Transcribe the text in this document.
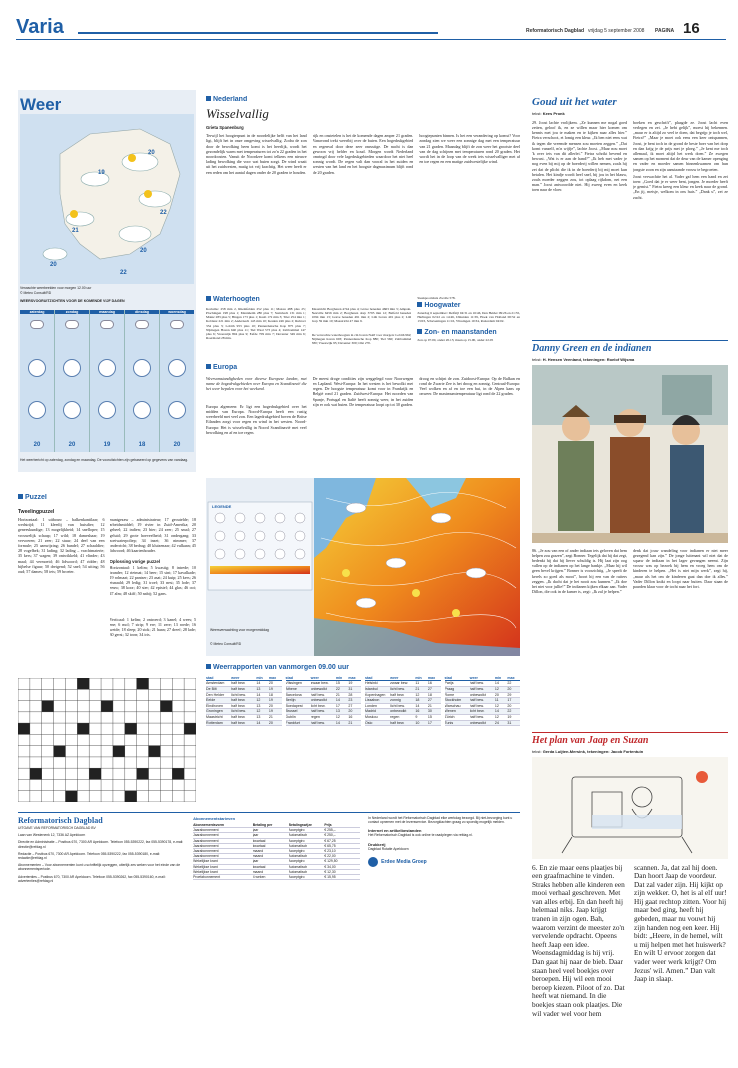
Varia	Reformatorisch Dagblad vrijdag 5 september 2008 PAGINA 16
Weer
20
19
22
21
20
20
22
Verwachte weerbeelden voor morgen 12.00 uur
© Meteo Consult/RD
WEERSVOORUITZICHTEN VOOR DE KOMENDE VIJF DAGEN
zaterdag
20
zondag
20
maandag
19
dinsdag
18
woensdag
20
Het weerbericht op zaterdag, zondag en maandag. De vooruitzichten zijn gebaseerd op gegevens van vandaag.
Nederland
Wisselvallig
Grieta Spanenburg
Terwijl het hoogterpunt in de noordelijke helft van het land ligt, blijft het in onze omgeving wisselvallig. Zodra de zon door de bewolking heen komt is het heerlijk, wordt het gezondelijk warm met temperaturen tot zo'n 22 graden in het noordoosten. Vanuit de Noordzee komt telkens een nieuwe lading bewolking die voor wat buien zorgt. De wind waait uit het zuidwesten, matig tot vrij krachtig. Het weer heeft er een reden om het aantal dagen onder de 20 graden te houden.
rijk en onstetelen is het de komende dagen amper 21 graden. Vanavond trekt weertbij over de buien. Een hogedrukgebied en regenval door deze zeer onrustige. De nacht is dan gewoon vrij helder en koud. Morgen wordt Nederland omringd door vele lagedrukgebieden waardoor het niet heel zonnig wordt. De regen valt dan vooral in het zuiden en westen van het land en het hoogste dagmaximum blijft rond de 20 graden.
hoogtepunten binnen. Is het een verandering op komst? Voor zondag zien we weer een zonnige dag met een temperatuur van 21 graden. Maandag blijft de zon weer het grootste deel van de dag schijnen met temperaturen rond 20 graden. Het wordt het in de loop van de week iets wisselvalliger met af en toe regen en een matige zuidwestelijke wind.
Waterhoogten
Koriums: 258 min 2, Rheinfelden 252 plus 11; Maxau 488 plus 25; Plochingen 198 plus 1; Mannheim 280 plus 7; Steinbach 131 min 1; Mainz 283 plus 5; Bingen 173 plus 1; Kaub 172 min 3; Trier 254 min 1; Koblenz 221 min 2; Andernach 143 min 10; Keulen 246 plus 2; Ruhrort 334 plus 3; Lobith 953 plus 10; Pannerdensche Kop 875 plus 7; Nijmegen Haven 640 plus 11; Tiel Waal 573 plus 4; Zaltbommel 147 plus 6; Vreeswijk 804 plus 9; Eefde 709 min 7; Deventer 349 min 6; Roermond 28 min.
Maastricht Borgharen 4744 plus 4; Grave beneden 4663 min 3; Ampsin-Neuville 6456 min 2; Borgharen dorp 3795 min 12; Belfeld beneden 1094 min 13; Grave beneden 491 min 2; Lith boven 401 plus 2; Lith dorp 59 min 10; Maastricht 47 min 9.
De verwachte waterhoogten in cm boven NAP voor morgen: Lobith 962; Nijmegen haven 603; Pannerdensche Kop 880; Tiel 560; Zaltbommel 380; Vreeswijk 95; Deventer 300; Olst 270.
Steekpoortsluis Zwolle 578.
Hoogwater
Zaterdag 6 september: Delfzijl 04:31 en 16:46, Den Helder 09:26 en 21:35, Harlingen 02:22 en 14:46, IJmuiden 11:39, Hoek van Holland 00:52 en 13:03, Scheveningen 11:16, Vlissingen 10:34, Rotterdam 04:02.
Zon- en maanstanden
Zon op 07.00, onder 20.15; maan op 15.00, onder 22.05
Europa
Weersomstandigheden voor diverse Europese landen, met name de hogedrukgebieden over Europa en Scandinavië die het weer bepalen voor het weekend.
Europa algemeen: Er ligt een hogedrukgebied over het midden van Europa. Noord-Europa heeft een rustig weerbeeld met veel zon. Een lagedrukgebied boven de Britse Eilanden zorgt voor regen en wind in het westen. Noord-Europa: Het is wisselvallig in Noord Scandinavië met veel bewolking en af en toe regen.
De meest droge condities zijn weggelegd voor Noorwegen en Lapland. West-Europa: In het westen is het bewolkt met regen. De hoogste temperatuur komt voor in Frankrijk en België rond 21 graden. Zuidwest-Europa: Het noorden van Spanje, Portugal en Italië heeft zonnig weer, in het zuiden zijn er ook wat buien. De temperatuur loopt op tot 30 graden.
droog en schijnt de zon. Zuidoost-Europa: Op de Balkan en rond de Zwarte Zee is het droog en zonnig. Centraal-Europa: Veel wolken en af en toe een bui, in de Alpen kans op onweer. De maximumtemperatuur ligt rond de 22 graden.
Puzzel
Tweelingpuzzel
Horizontaal: 1 uitbouw – balkenkantilaar; 6 wedstrijd; 11 kleedij van huisdier; 12 geneeskundige; 13 mogelijkheid; 14 snelloper; 15 vrouwelijk schaap; 17 wild; 18 dameshaar; 19 vervoeren; 21 zeer; 22 stuur; 24 deel van een formule; 25 aanwijzing; 26 bundel; 27 schaaldier; 28 vogelbek; 31 lading; 32 lading – vrachtmaterie; 35 kers; 37 wagen; 39 ontwikkeld; 41 vlinder; 43 maal; 44 vermoeid; 46 lidwoord; 47 ridder; 48 bijbelse figuur; 50 dreigend; 52 snel; 54 uiting; 56 oud; 57 dames; 58 iets; 59 broeier.
muntgezaw – administrateur; 17 geoutelde; 18 arbeidsmiddel; 19 rivier in Zuid-Amerika; 20 geheel; 22 indien; 23 bier; 24 zeer; 25 smal; 27 geluid; 29 grote hoeveelheid; 31 ondergang; 33 zoetwaterpoliep; 34 inzet; 36 nimmer; 37 onderricht; 38 bedrag; 40 kluizenaar; 42 vulkaan; 45 lidwoord; 46 kaartenhouder.
Oplossing vorige puzzel
Horizontaal: 1 kelim; 5 kwastig; 8 intrede; 10 brander; 12 rietmat; 14 beer; 15 sint; 17 kavalkade; 19 rolmaat; 22 pantser; 23 asat; 24 kuip; 25 kers; 26 etsnaald; 29 ledig; 31 troef; 33 nest; 35 lode; 37 eeuw; 38 koor; 40 ster; 42 epistel; 44 glas; 46 ooi; 47 alm; 48 skiff; 50 nabij; 52 gans.
Verticaal: 1 kelim; 2 ontroerd; 3 kanel; 4 wees; 5 ene; 6 mol; 7 strip; 9 ere; 11 zere; 13 roede; 16 weide; 18 sleep; 20 stok; 21 haan; 27 dreef; 28 lade; 30 gerst; 32 toon; 34 iris.
LEGENDE
Weersverwachting voor morgenmiddag
© Meteo Consult/RD
Weerrapporten van vanmorgen 09.00 uur
stad	weer	min	max
Amsterdam	half bew.	14	20
De Bilt	half bew.	13	19
Den Helder	licht bew.	14	18
Eelde	half bew.	12	19
Eindhoven	half bew.	13	20
Groningen	licht bew.	12	19
Maastricht	half bew.	13	21
Rotterdam	half bew.	14	20
stad	weer	min	max
Vlissingen	zwaar bew.	15	19
Athene	onbewolkt	22	31
Barcelona	half bew.	21	28
Berlijn	onbewolkt	14	23
Boedapest	licht bew.	17	27
Brussel	half bew.	13	20
Dublin	regen	12	16
Frankfurt	half bew.	14	21
stad	weer	min	max
Helsinki	zwaar bew.	11	16
Istanbul	licht bew.	21	27
Kopenhagen	half bew.	12	18
Lissabon	zonnig	18	27
Londen	licht bew.	14	21
Madrid	onbewolkt	16	30
Moskou	regen	9	15
Oslo	half bew.	10	17
stad	weer	min	max
Parijs	half bew.	14	22
Praag	half bew.	12	20
Rome	onbewolkt	20	29
Stockholm	half bew.	11	17
Warschau	half bew.	12	20
Wenen	licht bew.	14	22
Zürich	half bew.	12	19
Tunis	onbewolkt	24	31
Reformatorisch Dagblad
UITGAVE VAN REFORMATORISCH DAGBLAD BV
Laan van Westenenk 12, 7336 AZ Apeldoorn
Directie en Administratie – Postbus 670, 7300 AR Apeldoorn. Telefoon 055-5390222, fax 055-5390178, e-mail: directie@refdag.nl
Redactie – Postbus 670, 7300 AR Apeldoorn. Telefoon 055-5390222, fax 055-5390180, e-mail: redactie@refdag.nl
Abonnementen – Voor abonnementen kunt u schriftelijk opzeggen, uiterlijk zes weken voor het einde van de abonnementsperiode.
Advertenties – Postbus 670, 7300 AR Apeldoorn. Telefoon 055-5390262, fax 055-5390160, e-mail: advertenties@refdag.nl
Abonnementstarieven
Abonnementsvorm	Betaling per	Betalingswijze	Prijs
Jaarabonnement	jaar	Acceptgiro	€ 255,–
Jaarabonnement	jaar	Automatisch	€ 250,–
Jaarabonnement	kwartaal	Acceptgiro	€ 67,25
Jaarabonnement	kwartaal	Automatisch	€ 65,75
Jaarabonnement	maand	Acceptgiro	€ 23,10
Jaarabonnement	maand	Automatisch	€ 22,00
Wekelijkse krant	jaar	Acceptgiro	€ 129,50
Wekelijkse krant	kwartaal	Automatisch	€ 34,00
Wekelijkse krant	maand	Automatisch	€ 12,30
Proefabonnement	4 weken	Acceptgiro	€ 15,95
In Nederland wordt het Reformatorisch Dagblad elke werkdag bezorgd. Bij niet-bezorging kunt u contact opnemen met de lezersservice. Bezorgklachten graag zo spoedig mogelijk melden.
Internet en artikelbestanden
Het Reformatorisch Dagblad is ook online te raadplegen via refdag.nl.
Drukkerij
Dagblad Rotatie Apeldoorn
Erdee Media Groep
Goud uit het water
tekst: Kees Pronk
29. Joost lachte vrolijkem. „Ze kunnen me nogal goed zetten, geloof ik, en ze willen maar hier komen om kennis met jou te maken en te kijken naar alles hier.” Fietra verschoot, et lomig een kleur. „Ik ben niet eens wat ik tegen die vreemde mensen zou moeten zeggen.” „Dat komt vanzelf, m'n wijfje”, lachte Joost. „Maar nou moet 'k over iets van dit allerlei.” Fietra schrikt bevend en bewust. „Wat is er aan de hand?” „Ik heb met vader je nog even bij mij op de boerderij willen nemen, zoals hij zei dat de plicht die ik in de boerderij bij mij moet kun betalen. Het kindje wordt heel snel, bij jou in het blauw, zoals moeder zeggen zou, tot oplaag rijkdom, net een man.” Joost antwoordde niet. Hij zweeg even en keek toen naar de vloer.
boeken en geschrift”, plaagde ze. Joost lacht even verlegen en zei. „Je hebt gelijk”, moest hij bekennen. „maar er is altijd zo veel te doen, dat begrijp je toch wel, Fietra?” „Maar je moet ook eens een keer ontspannen, Joost, je bent toch in de grond de beste boer van het dorp en dan krijg je de prijs met je ploeg.” „Je kent me toch allemaal, ik moet altijd het werk doen.” Ze zwegen samen op het moment dat de deur van de kamer openging en vader en moeder samen binnenkwamen om hun jongste zoon en zijn aanstaande vrouw te begroeten.
Joost verwachtte het al. Vader gaf hem een hand en zei toen: „Goed dat je er weer bent, jongen. Je moeder heeft je gemist.” Fietra kreeg een kleur en keek naar de grond. „En jij, meisje, welkom in ons huis.” „Dank u”, zei ze zacht.
Danny Green en de indianen
tekst: H. Hensen Veenland, tekeningen: Roelof Wijsma
86. „Je zou van een of ander indiaan iets geloven dat hem helpen zou grazen”, zegt Bonner. Tegelijk dat hij dat zegt, bedenkt hij dat hij liever schuldig is. Hij laat zijn oog vallen op de indianen op het lange bankje. „Maar hij wil geen bevel krijgen.” Bonner is voorzichtig. „Je speelt de kerels zo goed als mooi”, hoort hij een van de ruiters zeggen. „Ik dacht dat je het nooit zou kunnen.” „Ik doe het niet voor jullie!” De indianen kijken elkaar aan. Vader Dillon, die ook in de kamer is, zegt: „Ik zal je helpen.”
denk dat jouw wandeling voor indianen er niet meer gezegend kan zijn.” De jonge luitenant wil niet dat de squaw de indiaan in het lager gevangen neemt. Zijn vrouw was op bezoek bij hem en vroeg hem om de kinderen te helpen. „Het is niet mijn werk”, zegt hij, „maar als het om de kinderen gaat dan doe ik alles.” Vader Dillon knikt en loopt naar buiten. Daar staan de paarden klaar voor de tocht naar het fort.
Het plan van Jaap en Suzan
tekst: Gerda Luijten-Mersink, tekeningen: Jacob Fortentuin
6. En zie maar eens plaatjes bij een graafmachine te vinden. Straks hebben alle kinderen een mooi verhaal geschreven. Met van alles erbij. En dan heeft hij helemaal niks. Jaap krijgt tranen in zijn ogen. Bah, waarom verzint de meester zo'n vervelende opdracht. Opeens heeft Jaap een idee. Woensdagmiddag is hij vrij. Dan gaat hij naar de bieb. Daar staan heel veel boekjes over beroepen. Hij wil een mooi beroep kiezen. Piloot of zo. Dat heeft wat niemand. In die boekjes staan ook plaatjes. Die wil vader wel voor hem
scannen. Ja, dat zal hij doen. Dan hoort Jaap de voordeur. Dat zal vader zijn. Hij kijkt op zijn wekker. O, het is al elf uur! Hij gaat rechtop zitten. Voor hij maar bed ging, heeft hij gebeden, maar nu vouwt hij zijn handen nog een keer. Hij bidt: „Heere, in de hemel, wilt u mij helpen met het huiswerk? En wilt U ervoor zorgen dat vader weer werk krijgt? Om Jezus' wil. Amen.” Dan valt Jaap in slaap.
